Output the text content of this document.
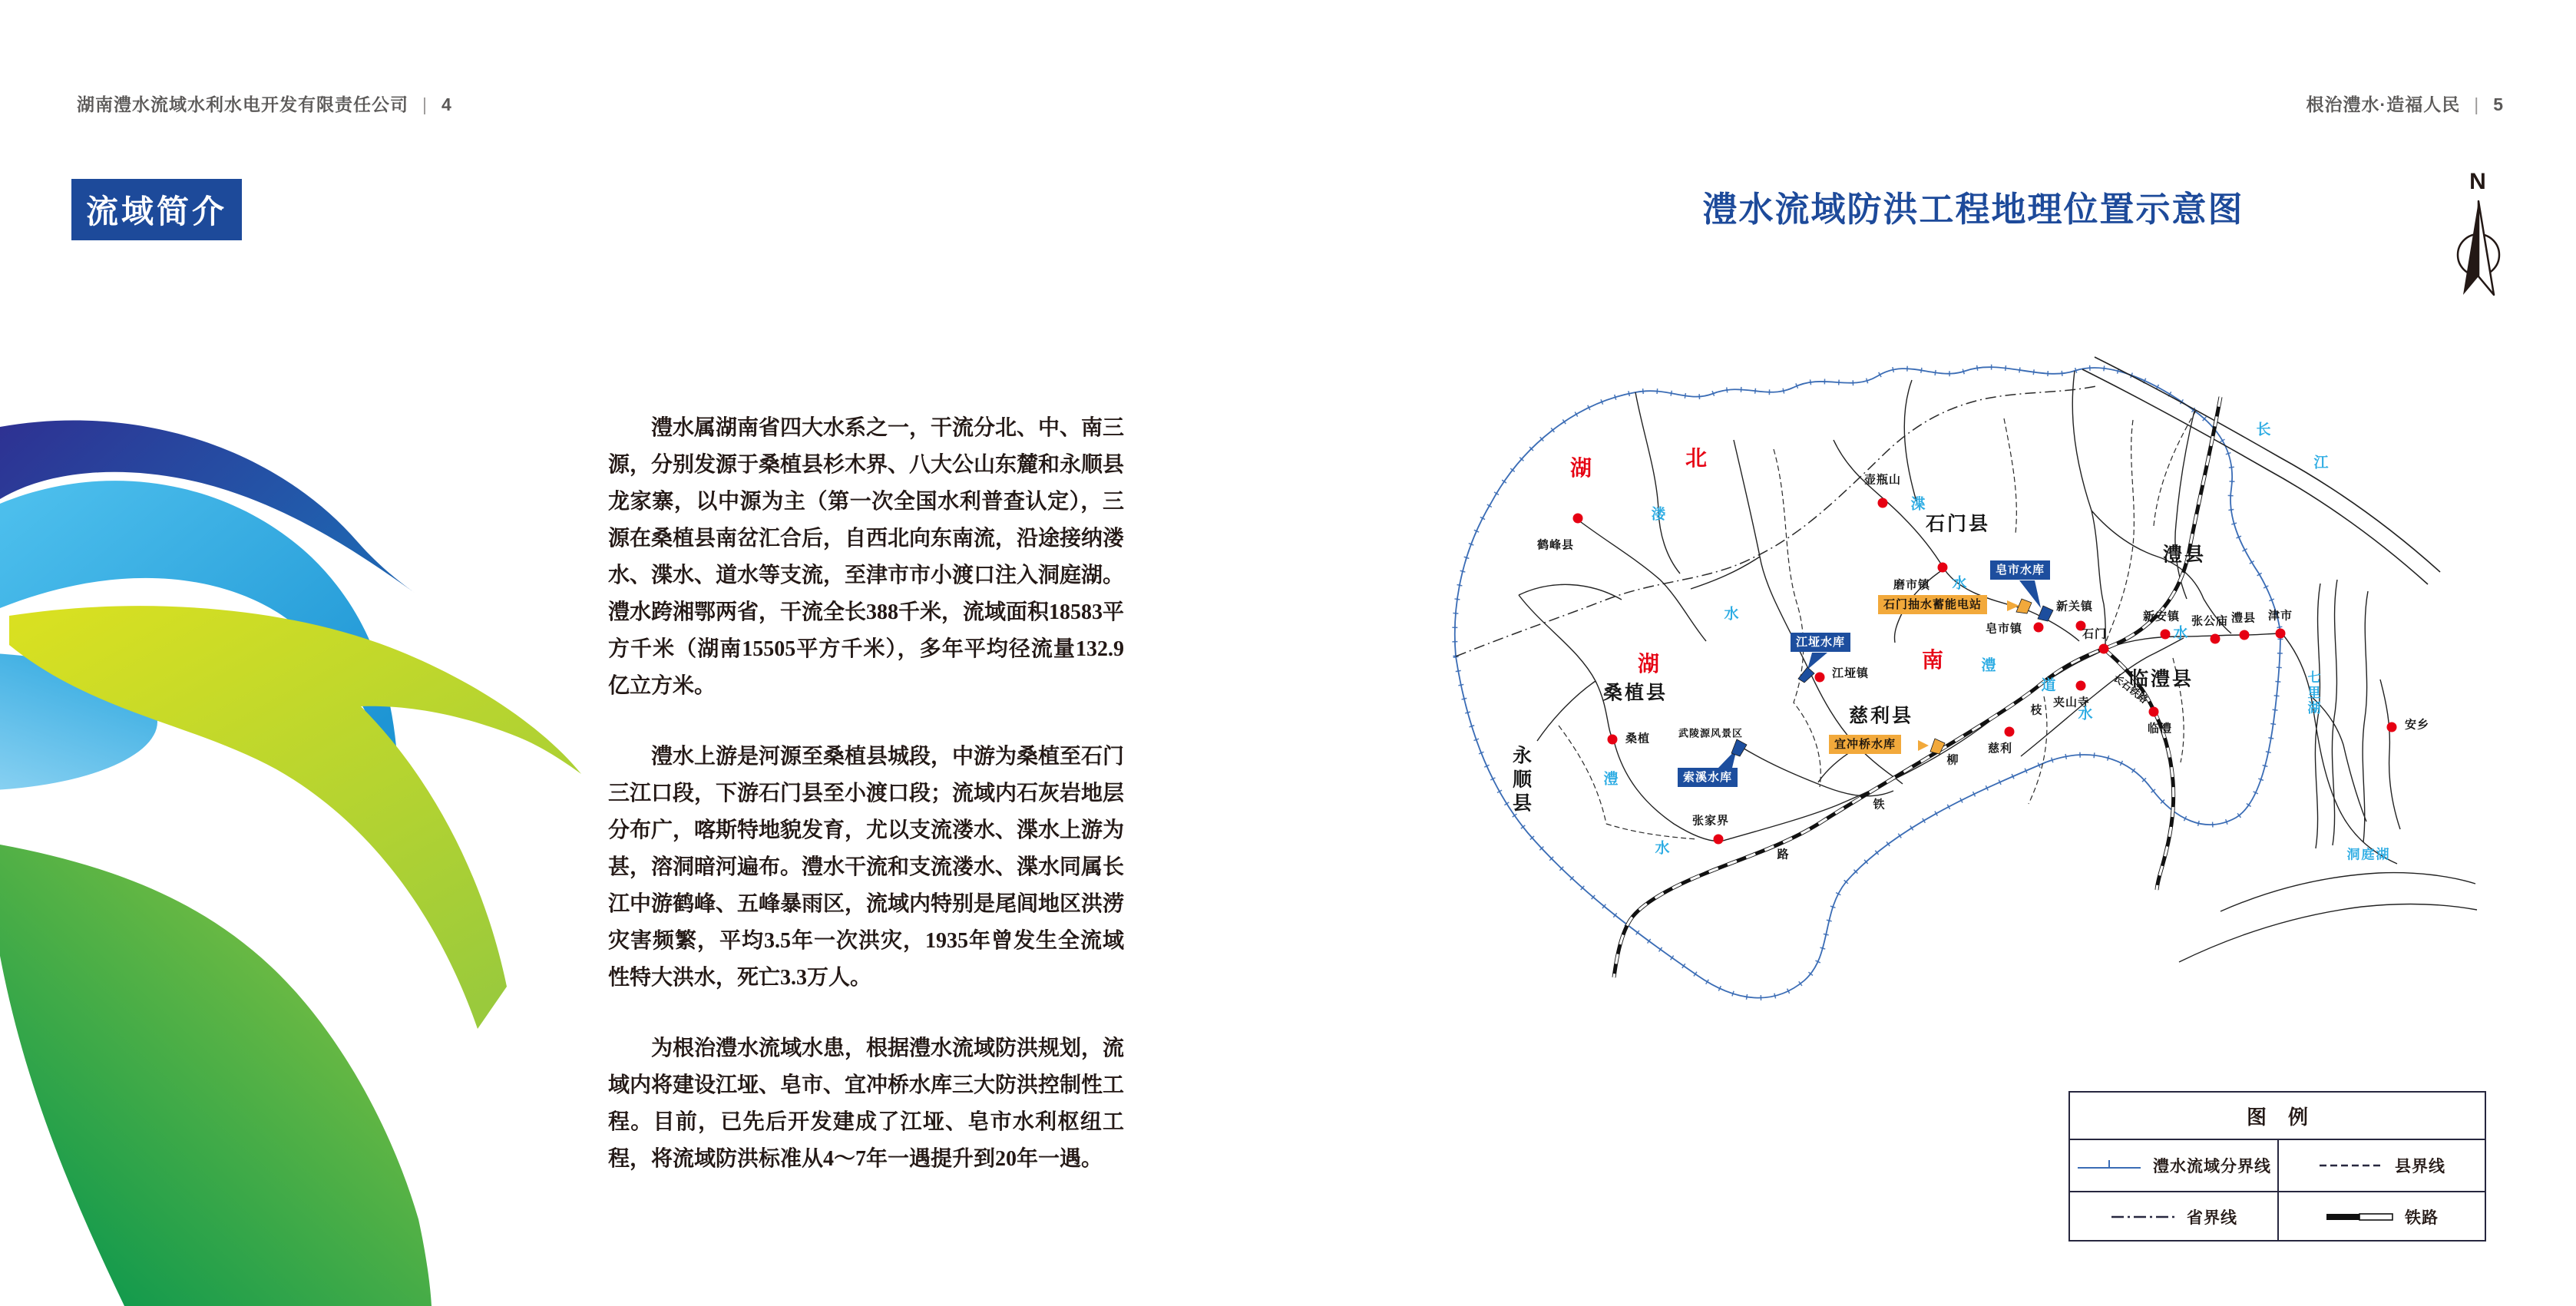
湖南澧水流域水利水电开发有限责任公司 | 4	根治澧水·造福人民 | 5
流域简介

澧水属湖南省四大水系之一，干流分北、中、南三源，分别发源于桑植县杉木界、八大公山东麓和永顺县龙家寨，以中源为主（第一次全国水利普查认定），三源在桑植县南岔汇合后，自西北向东南流，沿途接纳溇水、渫水、道水等支流，至津市市小渡口注入洞庭湖。澧水跨湘鄂两省，干流全长388千米，流域面积18583平方千米（湖南15505平方千米），多年平均径流量132.9亿立方米。

澧水上游是河源至桑植县城段，中游为桑植至石门三江口段，下游石门县至小渡口段；流域内石灰岩地层分布广，喀斯特地貌发育，尤以支流溇水、渫水上游为甚，溶洞暗河遍布。澧水干流和支流溇水、渫水同属长江中游鹤峰、五峰暴雨区，流域内特别是尾闾地区洪涝灾害频繁，平均3.5年一次洪灾，1935年曾发生全流域性特大洪水，死亡3.3万人。

为根治澧水流域水患，根据澧水流域防洪规划，流域内将建设江垭、皂市、宜冲桥水库三大防洪控制性工程。目前，已先后开发建成了江垭、皂市水利枢纽工程，将流域防洪标准从4～7年一遇提升到20年一遇。

澧水流域防洪工程地理位置示意图
N
湖	北
湖	南
石门县
澧县
临澧县
慈利县
桑植县
永顺县
鹤峰县
壶瓶山
磨市镇
皂市镇
新关镇
石门
新安镇 张公庙 澧县 津市
夹山寺
临澧
慈利
江垭镇
桑植
张家界
安乡
溇
水
渫
水
澧
水
澧
道
水
水
长
江
七里湖
洞庭湖
皂市水库
石门抽水蓄能电站
江垭水库
宜冲桥水库
索溪水库
武陵源风景区
长石铁路
枝
柳
铁
路
图例
澧水流域分界线	县界线
省界线	铁路
